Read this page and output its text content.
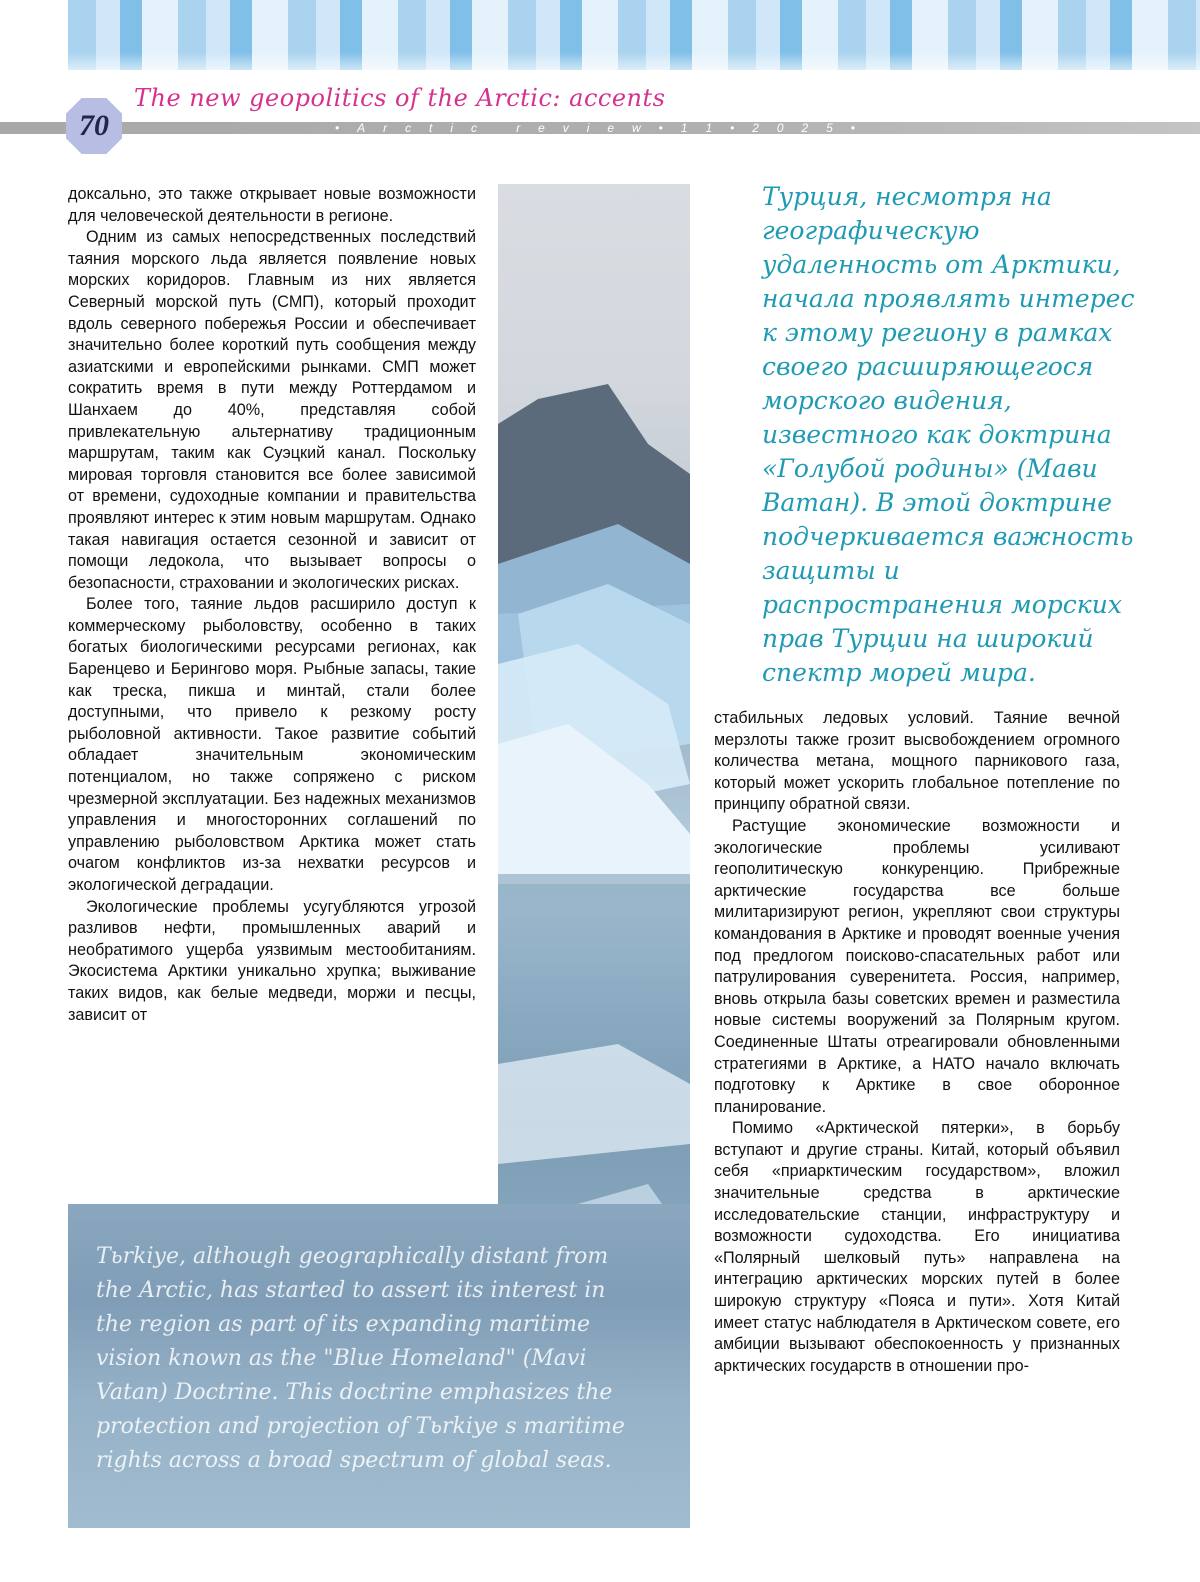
• A r c t i c
	r e v i e w • 1 1 • 2 0 2 5 •
70
The new geopolitics of the Arctic: accents

доксально, это также открывает новые возможности для человеческой деятельности в регионе.

Одним из самых непосредственных последствий таяния морского льда является появление новых морских коридоров. Главным из них является Северный морской путь (СМП), который проходит вдоль северного побережья России и обеспечивает значительно более короткий путь сообщения между азиатскими и европейскими рынками. СМП может сократить время в пути между Роттердамом и Шанхаем до 40%, представляя собой привлекательную альтернативу традиционным маршрутам, таким как Суэцкий канал. Поскольку мировая торговля становится все более зависимой от времени, судоходные компании и правительства проявляют интерес к этим новым маршрутам. Однако такая навигация остается сезонной и зависит от помощи ледокола, что вызывает вопросы о безопасности, страховании и экологических рисках.

Более того, таяние льдов расширило доступ к коммерческому рыболовству, особенно в таких богатых биологическими ресурсами регионах, как Баренцево и Берингово моря. Рыбные запасы, такие как треска, пикша и минтай, стали более доступными, что привело к резкому росту рыболовной активности. Такое развитие событий обладает значительным экономическим потенциалом, но также сопряжено с риском чрезмерной эксплуатации. Без надежных механизмов управления и многосторонних соглашений по управлению рыболовством Арктика может стать очагом конфликтов из-за нехватки ресурсов и экологической деградации.

Экологические проблемы усугубляются угрозой разливов нефти, промышленных аварий и необратимого ущерба уязвимым местообитаниям. Экосистема Арктики уникально хрупка; выживание таких видов, как белые медведи, моржи и песцы, зависит от

стабильных ледовых условий. Таяние вечной мерзлоты также грозит высвобождением огромного количества метана, мощного парникового газа, который может ускорить глобальное потепление по принципу обратной связи.

Растущие экономические возможности и экологические проблемы усиливают геополитическую конкуренцию. Прибрежные арктические государства все больше милитаризируют регион, укрепляют свои структуры командования в Арктике и проводят военные учения под предлогом поисково-спасательных работ или патрулирования суверенитета. Россия, например, вновь открыла базы советских времен и разместила новые системы вооружений за Полярным кругом. Соединенные Штаты отреагировали обновленными стратегиями в Арктике, а НАТО начало включать подготовку к Арктике в свое оборонное планирование.

Помимо «Арктической пятерки», в борьбу вступают и другие страны. Китай, который объявил себя «приарктическим государством», вложил значительные средства в арктические исследовательские станции, инфраструктуру и возможности судоходства. Его инициатива «Полярный шелковый путь» направлена на интеграцию арктических морских путей в более широкую структуру «Пояса и пути». Хотя Китай имеет статус наблюдателя в Арктическом совете, его амбиции вызывают обеспокоенность у признанных арктических государств в отношении про-

Турция, несмотря на географическую удаленность от Арктики, начала проявлять интерес к этому региону в рамках своего расширяющегося морского видения, известного как доктрина «Голубой родины» (Мави Ватан). В этой доктрине подчеркивается важность защиты и распространения морских прав Турции на широкий спектр морей мира.
Tьrkiye, although geographically distant from the Arctic, has started to assert its interest in the region as part of its expanding maritime vision known as the "Blue Homeland" (Mavi Vatan) Doctrine. This doctrine emphasizes the protection and projection of Tьrkiye s maritime rights across a broad spectrum of global seas.
